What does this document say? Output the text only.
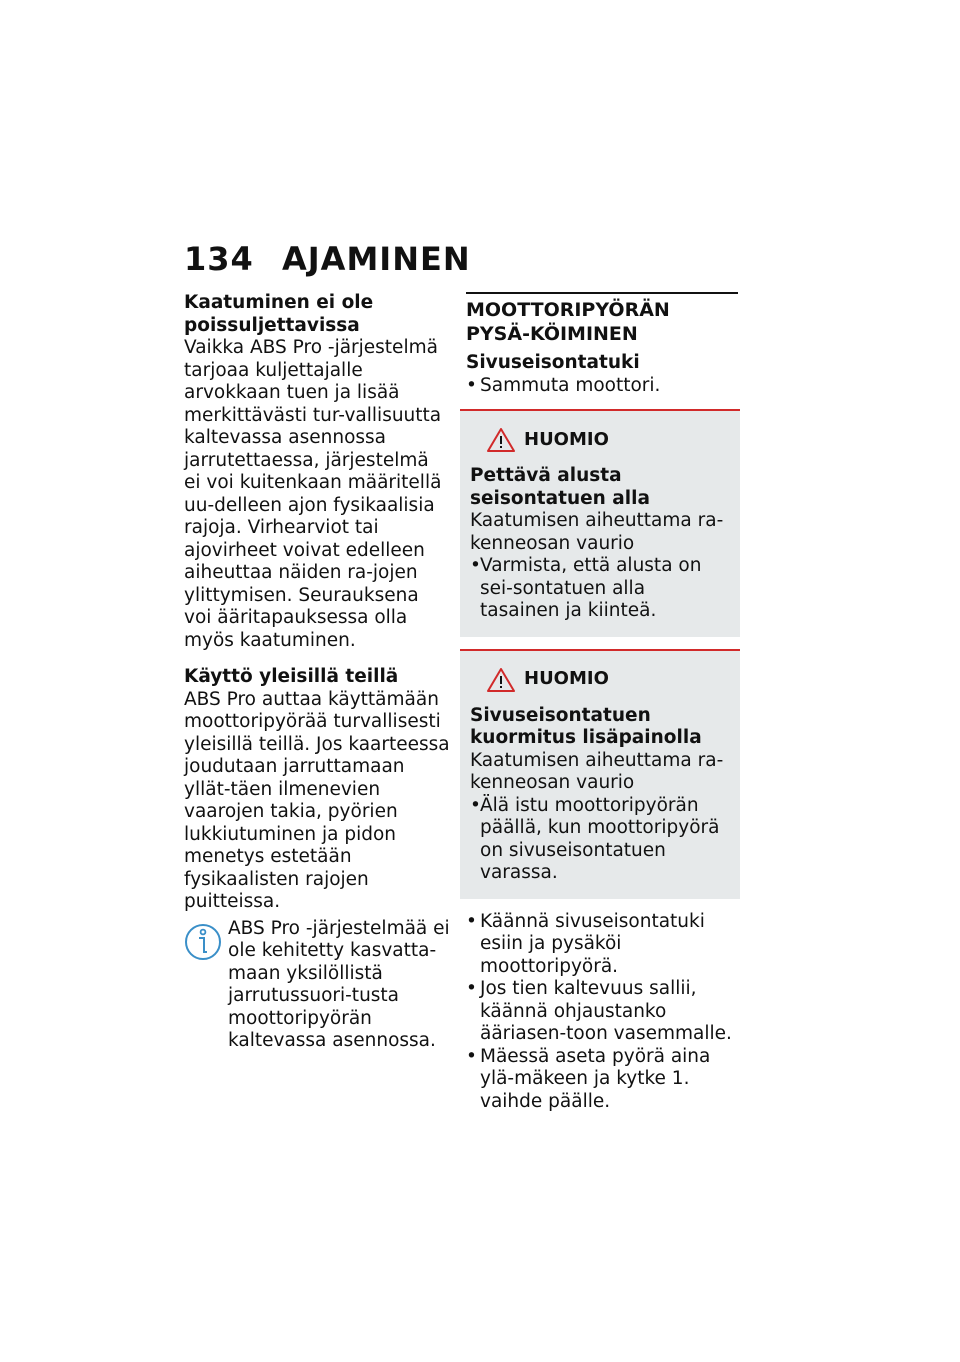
134 AJAMINEN
Kaatuminen ei ole poissuljettavissa

Vaikka ABS Pro -järjestelmä tarjoaa kuljettajalle arvokkaan tuen ja lisää merkittävästi tur-vallisuutta kaltevassa asennossa jarrutettaessa, järjestelmä ei voi kuitenkaan määritellä uu-delleen ajon fysikaalisia rajoja. Virhearviot tai ajovirheet voivat edelleen aiheuttaa näiden ra-jojen ylittymisen. Seurauksena voi ääritapauksessa olla myös kaatuminen.

Käyttö yleisillä teillä

ABS Pro auttaa käyttämään moottoripyörää turvallisesti yleisillä teillä. Jos kaarteessa joudutaan jarruttamaan yllät-täen ilmenevien vaarojen takia, pyörien lukkiutuminen ja pidon menetys estetään fysikaalisten rajojen puitteissa.

ABS Pro -järjestelmää ei ole kehitetty kasvatta-maan yksilöllistä jarrutussuori-tusta moottoripyörän kaltevassa asennossa.

MOOTTORIPYÖRÄN PYSÄ-KÖIMINEN
Sivuseisontatuki
• Sammuta moottori.
HUOMIO
Pettävä alusta seisontatuen alla

Kaatumisen aiheuttama ra-kenneosan vaurio

• Varmista, että alusta on sei-sontatuen alla tasainen ja kiinteä.
HUOMIO
Sivuseisontatuen kuormitus lisäpainolla

Kaatumisen aiheuttama ra-kenneosan vaurio

• Älä istu moottoripyörän päällä, kun moottoripyörä on sivuseisontatuen varassa.
• Käännä sivuseisontatuki esiin ja pysäköi moottoripyörä.
• Jos tien kaltevuus sallii, käännä ohjaustanko ääriasen-toon vasemmalle.
• Mäessä aseta pyörä aina ylä-mäkeen ja kytke 1. vaihde päälle.
